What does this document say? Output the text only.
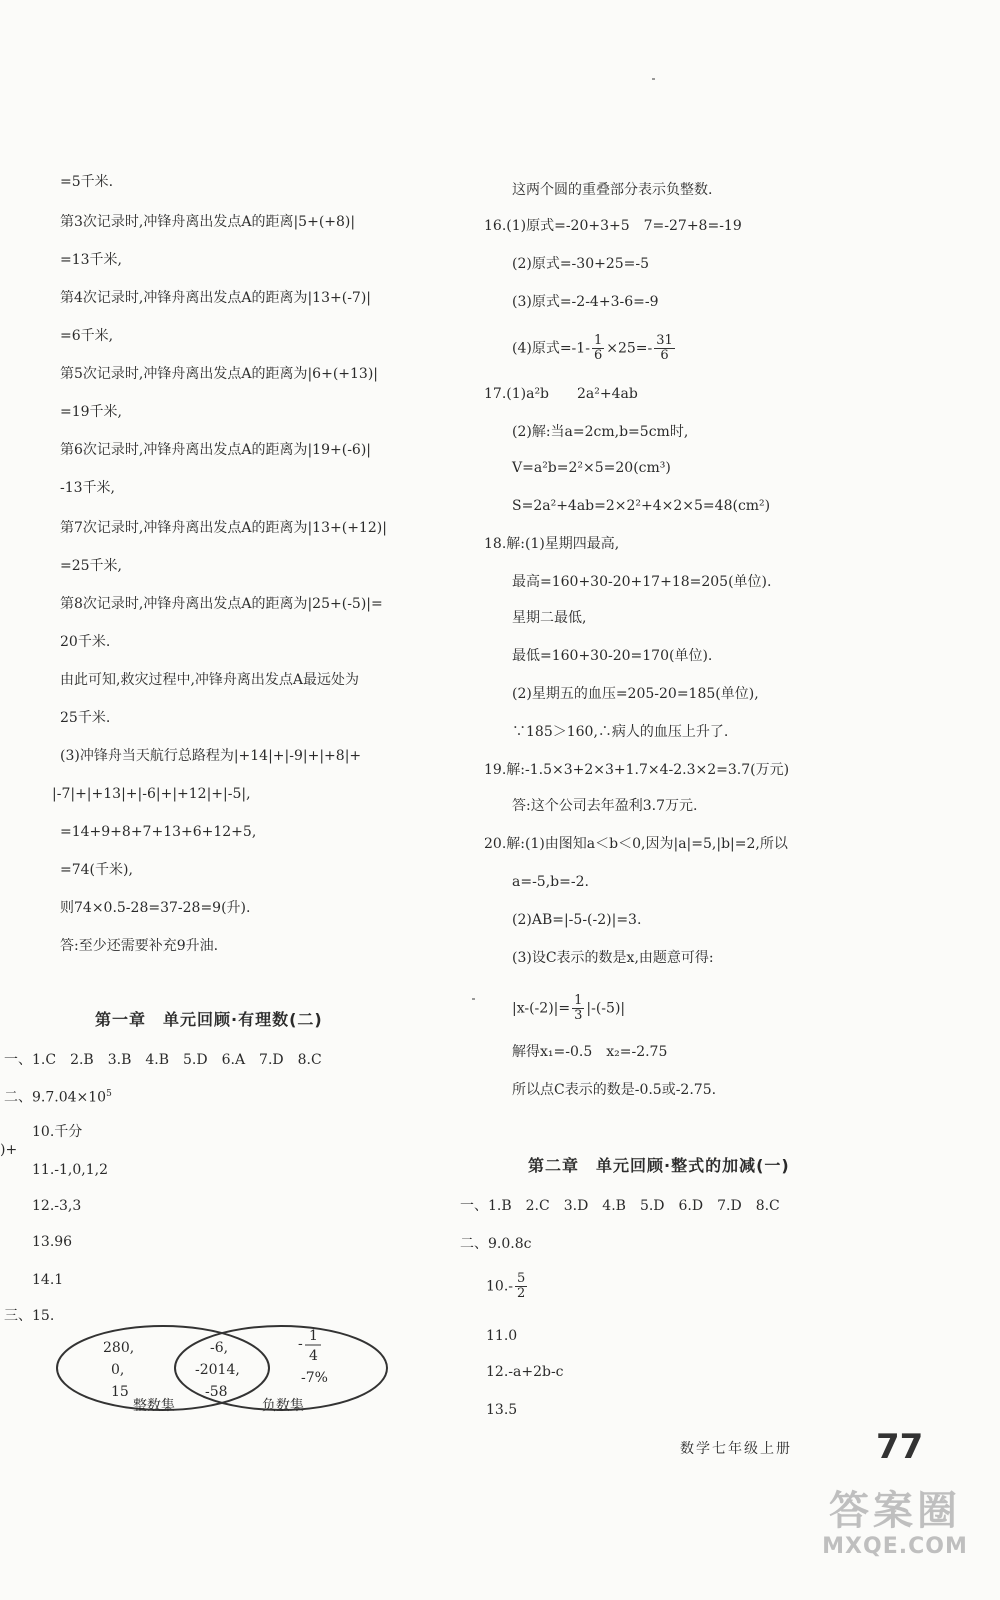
=5千米.
第3次记录时,冲锋舟离出发点A的距离|5+(+8)|
=13千米,
第4次记录时,冲锋舟离出发点A的距离为|13+(-7)|
=6千米,
第5次记录时,冲锋舟离出发点A的距离为|6+(+13)|
=19千米,
第6次记录时,冲锋舟离出发点A的距离为|19+(-6)|
-13千米,
第7次记录时,冲锋舟离出发点A的距离为|13+(+12)|
=25千米,
第8次记录时,冲锋舟离出发点A的距离为|25+(-5)|=
20千米.
由此可知,救灾过程中,冲锋舟离出发点A最远处为
25千米.
(3)冲锋舟当天航行总路程为|+14|+|-9|+|+8|+
|-7|+|+13|+|-6|+|+12|+|-5|,
=14+9+8+7+13+6+12+5,
=74(千米),
则74×0.5-28=37-28=9(升).
答:至少还需要补充9升油.
第一章　单元回顾·有理数(二)
一、1.C　2.B　3.B　4.B　5.D　6.A　7.D　8.C
二、$9.7.04\times 10^5$
10.千分
)+
11.-1,0,1,2
12.-3,3
13.96
14.1
三、15.
280,
0,
15
-6,
-2014,
-58
- 1
4
-7%
整数集	负数集
这两个圆的重叠部分表示负整数.
16.(1)原式=-20+3+5　7=-27+8=-19
(2)原式=-30+25=-5
(3)原式=-2-4+3-6=-9
(4)原式$=-1- \frac{1}{6} \times 25=- \frac{31}{6}$
17.(1)a²b　　2a²+4ab
(2)解:当a=2cm,b=5cm时,
V=a²b=2²×5=20(cm³)
S=2a²+4ab=2×2²+4×2×5=48(cm²)
18.解:(1)星期四最高,
最高=160+30-20+17+18=205(单位).
星期二最低,
最低=160+30-20=170(单位).
(2)星期五的血压=205-20=185(单位),
∵185＞160,∴病人的血压上升了.
19.解:-1.5×3+2×3+1.7×4-2.3×2=3.7(万元)
答:这个公司去年盈利3.7万元.
20.解:(1)由图知a＜b＜0,因为|a|=5,|b|=2,所以
a=-5,b=-2.
(2)AB=|-5-(-2)|=3.
(3)设C表示的数是x,由题意可得:
$|x-(-2)|= \frac{1}{3} |-(-5)|$
解得x₁=-0.5　x₂=-2.75
所以点C表示的数是-0.5或-2.75.
第二章　单元回顾·整式的加减(一)
一、1.B　2.C　3.D　4.B　5.D　6.D　7.D　8.C
二、9.0.8c
$10.- \frac{5}{2}$
11.0
12.-a+2b-c
13.5
数学七年级上册 77
答案圈
MXQE.COM
